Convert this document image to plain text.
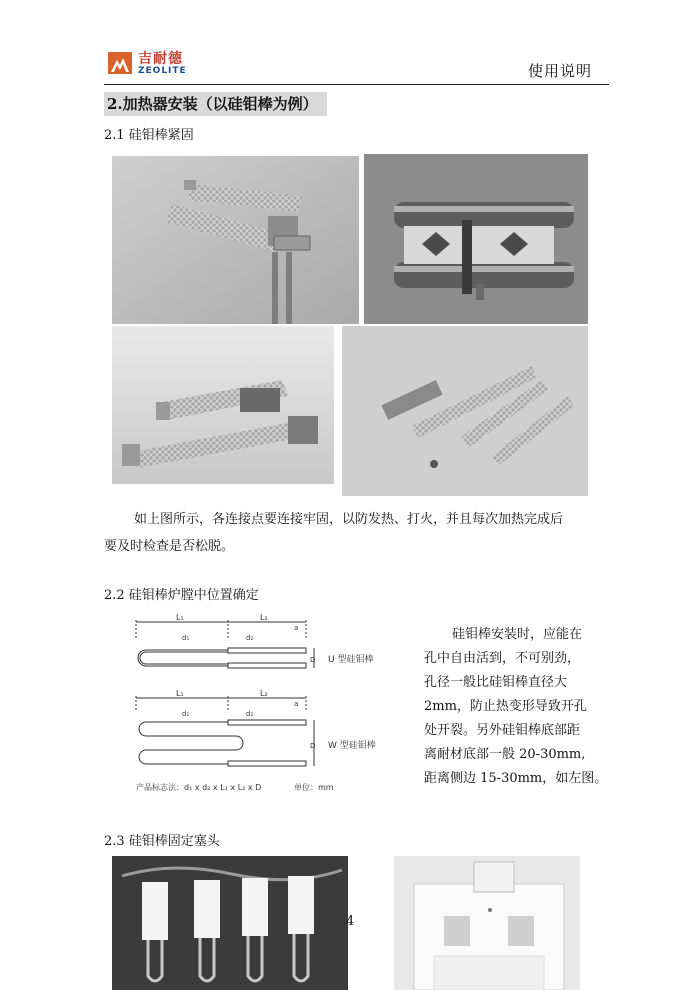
吉耐德
ZEOLITE	使用说明
2.加热器安装（以硅钼棒为例）
2.1 硅钼棒紧固
如上图所示，各连接点要连接牢固，以防发热、打火，并且每次加热完成后
要及时检查是否松脱。
2.2 硅钼棒炉膛中位置确定
L₁	L₂
d₁	d₂
a
D U 型硅钼棒
L₁	L₂
d₁	d₂
a
D W 型硅钼棒
产品标志法：d₁ x d₂ x L₁ x L₂ x D	单位：mm
硅钼棒安装时，应能在
孔中自由活到，不可别劲，
孔径一般比硅钼棒直径大
2mm，防止热变形导致开孔
处开裂。另外硅钼棒底部距
离耐材底部一般 20-30mm,
距离侧边 15-30mm，如左图。
2.3 硅钼棒固定塞头
4
